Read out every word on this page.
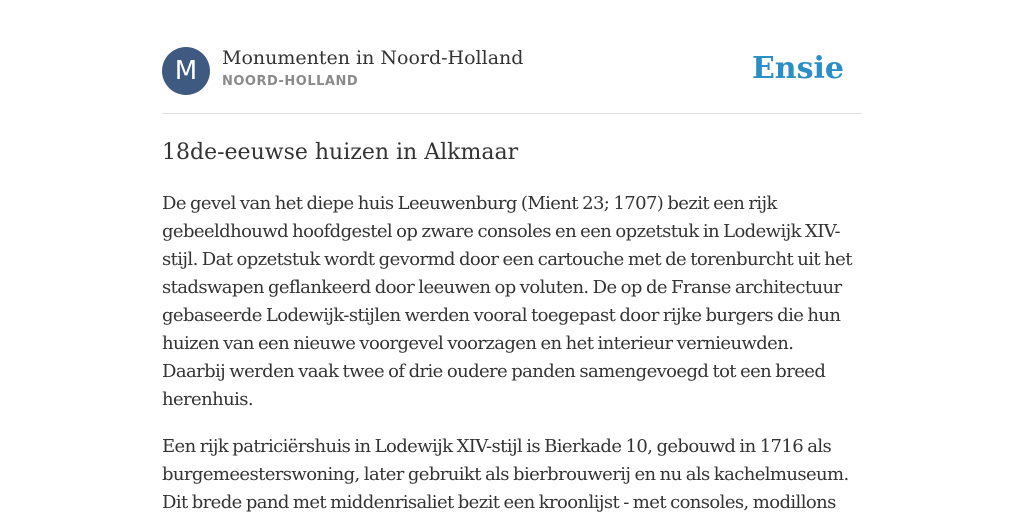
M	Monumenten in Noord-Holland
NOORD-HOLLAND	Ensie
18de-eeuwse huizen in Alkmaar

De gevel van het diepe huis Leeuwenburg (Mient 23; 1707) bezit een rijk
gebeeldhouwd hoofdgestel op zware consoles en een opzetstuk in Lodewijk XIV-
stijl. Dat opzetstuk wordt gevormd door een cartouche met de torenburcht uit het
stadswapen geflankeerd door leeuwen op voluten. De op de Franse architectuur
gebaseerde Lodewijk-stijlen werden vooral toegepast door rijke burgers die hun
huizen van een nieuwe voorgevel voorzagen en het interieur vernieuwden.
Daarbij werden vaak twee of drie oudere panden samengevoegd tot een breed
herenhuis.

Een rijk patriciërshuis in Lodewijk XIV-stijl is Bierkade 10, gebouwd in 1716 als
burgemeesterswoning, later gebruikt als bierbrouwerij en nu als kachelmuseum.
Dit brede pand met middenrisaliet bezit een kroonlijst - met consoles, modillons
